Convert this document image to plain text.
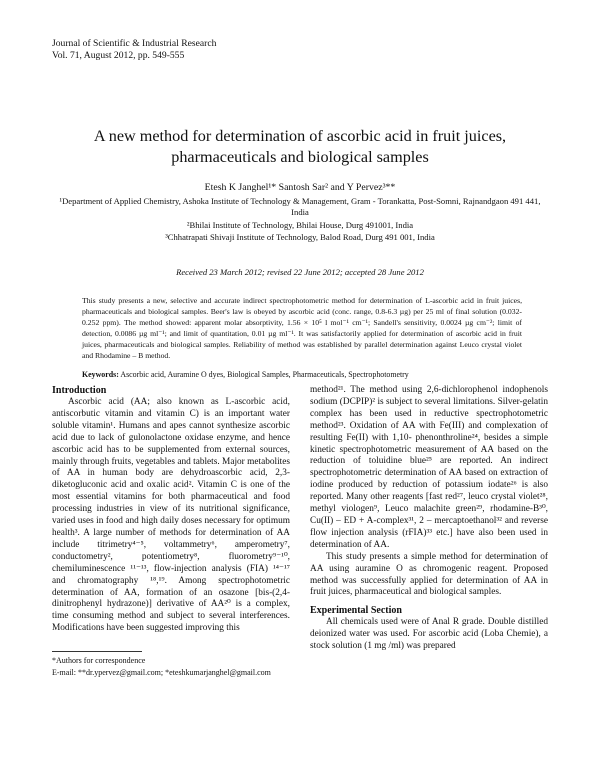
Journal of Scientific & Industrial Research
Vol. 71, August 2012, pp. 549-555
A new method for determination of ascorbic acid in fruit juices,
pharmaceuticals and biological samples
Etesh K Janghel¹* Santosh Sar² and Y Pervez³**
¹Department of Applied Chemistry, Ashoka Institute of Technology & Management, Gram - Torankatta, Post-Somni, Rajnandgaon 491 441, India
²Bhilai Institute of Technology, Bhilai House, Durg 491001, India
³Chhatrapati Shivaji Institute of Technology, Balod Road, Durg 491 001, India
Received 23 March 2012; revised 22 June 2012; accepted 28 June 2012
This study presents a new, selective and accurate indirect spectrophotometric method for determination of L-ascorbic acid in fruit juices, pharmaceuticals and biological samples. Beer's law is obeyed by ascorbic acid (conc. range, 0.8-6.3 µg) per 25 ml of final solution (0.032-0.252 ppm). The method showed: apparent molar absorptivity, 1.56 × 10⁵ l mol⁻¹ cm⁻¹; Sandell's sensitivity, 0.0024 µg cm⁻²; limit of detection, 0.0086 µg ml⁻¹; and limit of quantitation, 0.01 µg ml⁻¹. It was satisfactorily applied for determination of ascorbic acid in fruit juices, pharmaceuticals and biological samples. Reliability of method was established by parallel determination against Leuco crystal violet and Rhodamine – B method.
Keywords: Ascorbic acid, Auramine O dyes, Biological Samples, Pharmaceuticals, Spectrophotometry
Introduction

Ascorbic acid (AA; also known as L-ascorbic acid, antiscorbutic vitamin and vitamin C) is an important water soluble vitamin¹. Humans and apes cannot synthesize ascorbic acid due to lack of gulonolactone oxidase enzyme, and hence ascorbic acid has to be supplemented from external sources, mainly through fruits, vegetables and tablets. Major metabolites of AA in human body are dehydroascorbic acid, 2,3-diketogluconic acid and oxalic acid². Vitamin C is one of the most essential vitamins for both pharmaceutical and food processing industries in view of its nutritional significance, varied uses in food and high daily doses necessary for optimum health³. A large number of methods for determination of AA include titrimetry⁴⁻⁵, voltammetry⁶, amperometry⁷, conductometry², potentiometry⁸, fluorometry⁹⁻¹⁰, chemiluminescence ¹¹⁻¹³, flow-injection analysis (FIA) ¹⁴⁻¹⁷ and chromatography ¹⁸,¹⁹. Among spectrophotometric determination of AA, formation of an osazone [bis-(2,4-dinitrophenyl hydrazone)] derivative of AA²⁰ is a complex, time consuming method and subject to several interferences. Modifications have been suggested improving this

method²¹. The method using 2,6-dichlorophenol indophenols sodium (DCPIP)² is subject to several limitations. Silver-gelatin complex has been used in reductive spectrophotometric method²³. Oxidation of AA with Fe(III) and complexation of resulting Fe(II) with 1,10- phenonthroline²⁴, besides a simple kinetic spectrophotometric measurement of AA based on the reduction of toluidine blue²⁵ are reported. An indirect spectrophotometric determination of AA based on extraction of iodine produced by reduction of potassium iodate²⁶ is also reported. Many other reagents [fast red²⁷, leuco crystal violet²⁸, methyl viologen⁹, Leuco malachite green²⁹, rhodamine-B³⁰, Cu(II) – ED + A-complex³¹, 2 – mercaptoethanol³² and reverse flow injection analysis (rFIA)³³ etc.] have also been used in determination of AA.

This study presents a simple method for determination of AA using auramine O as chromogenic reagent. Proposed method was successfully applied for determination of AA in fruit juices, pharmaceutical and biological samples.

Experimental Section

All chemicals used were of Anal R grade. Double distilled deionized water was used. For ascorbic acid (Loba Chemie), a stock solution (1 mg /ml) was prepared

*Authors for correspondence
E-mail: **dr.ypervez@gmail.com; *eteshkumarjanghel@gmail.com
